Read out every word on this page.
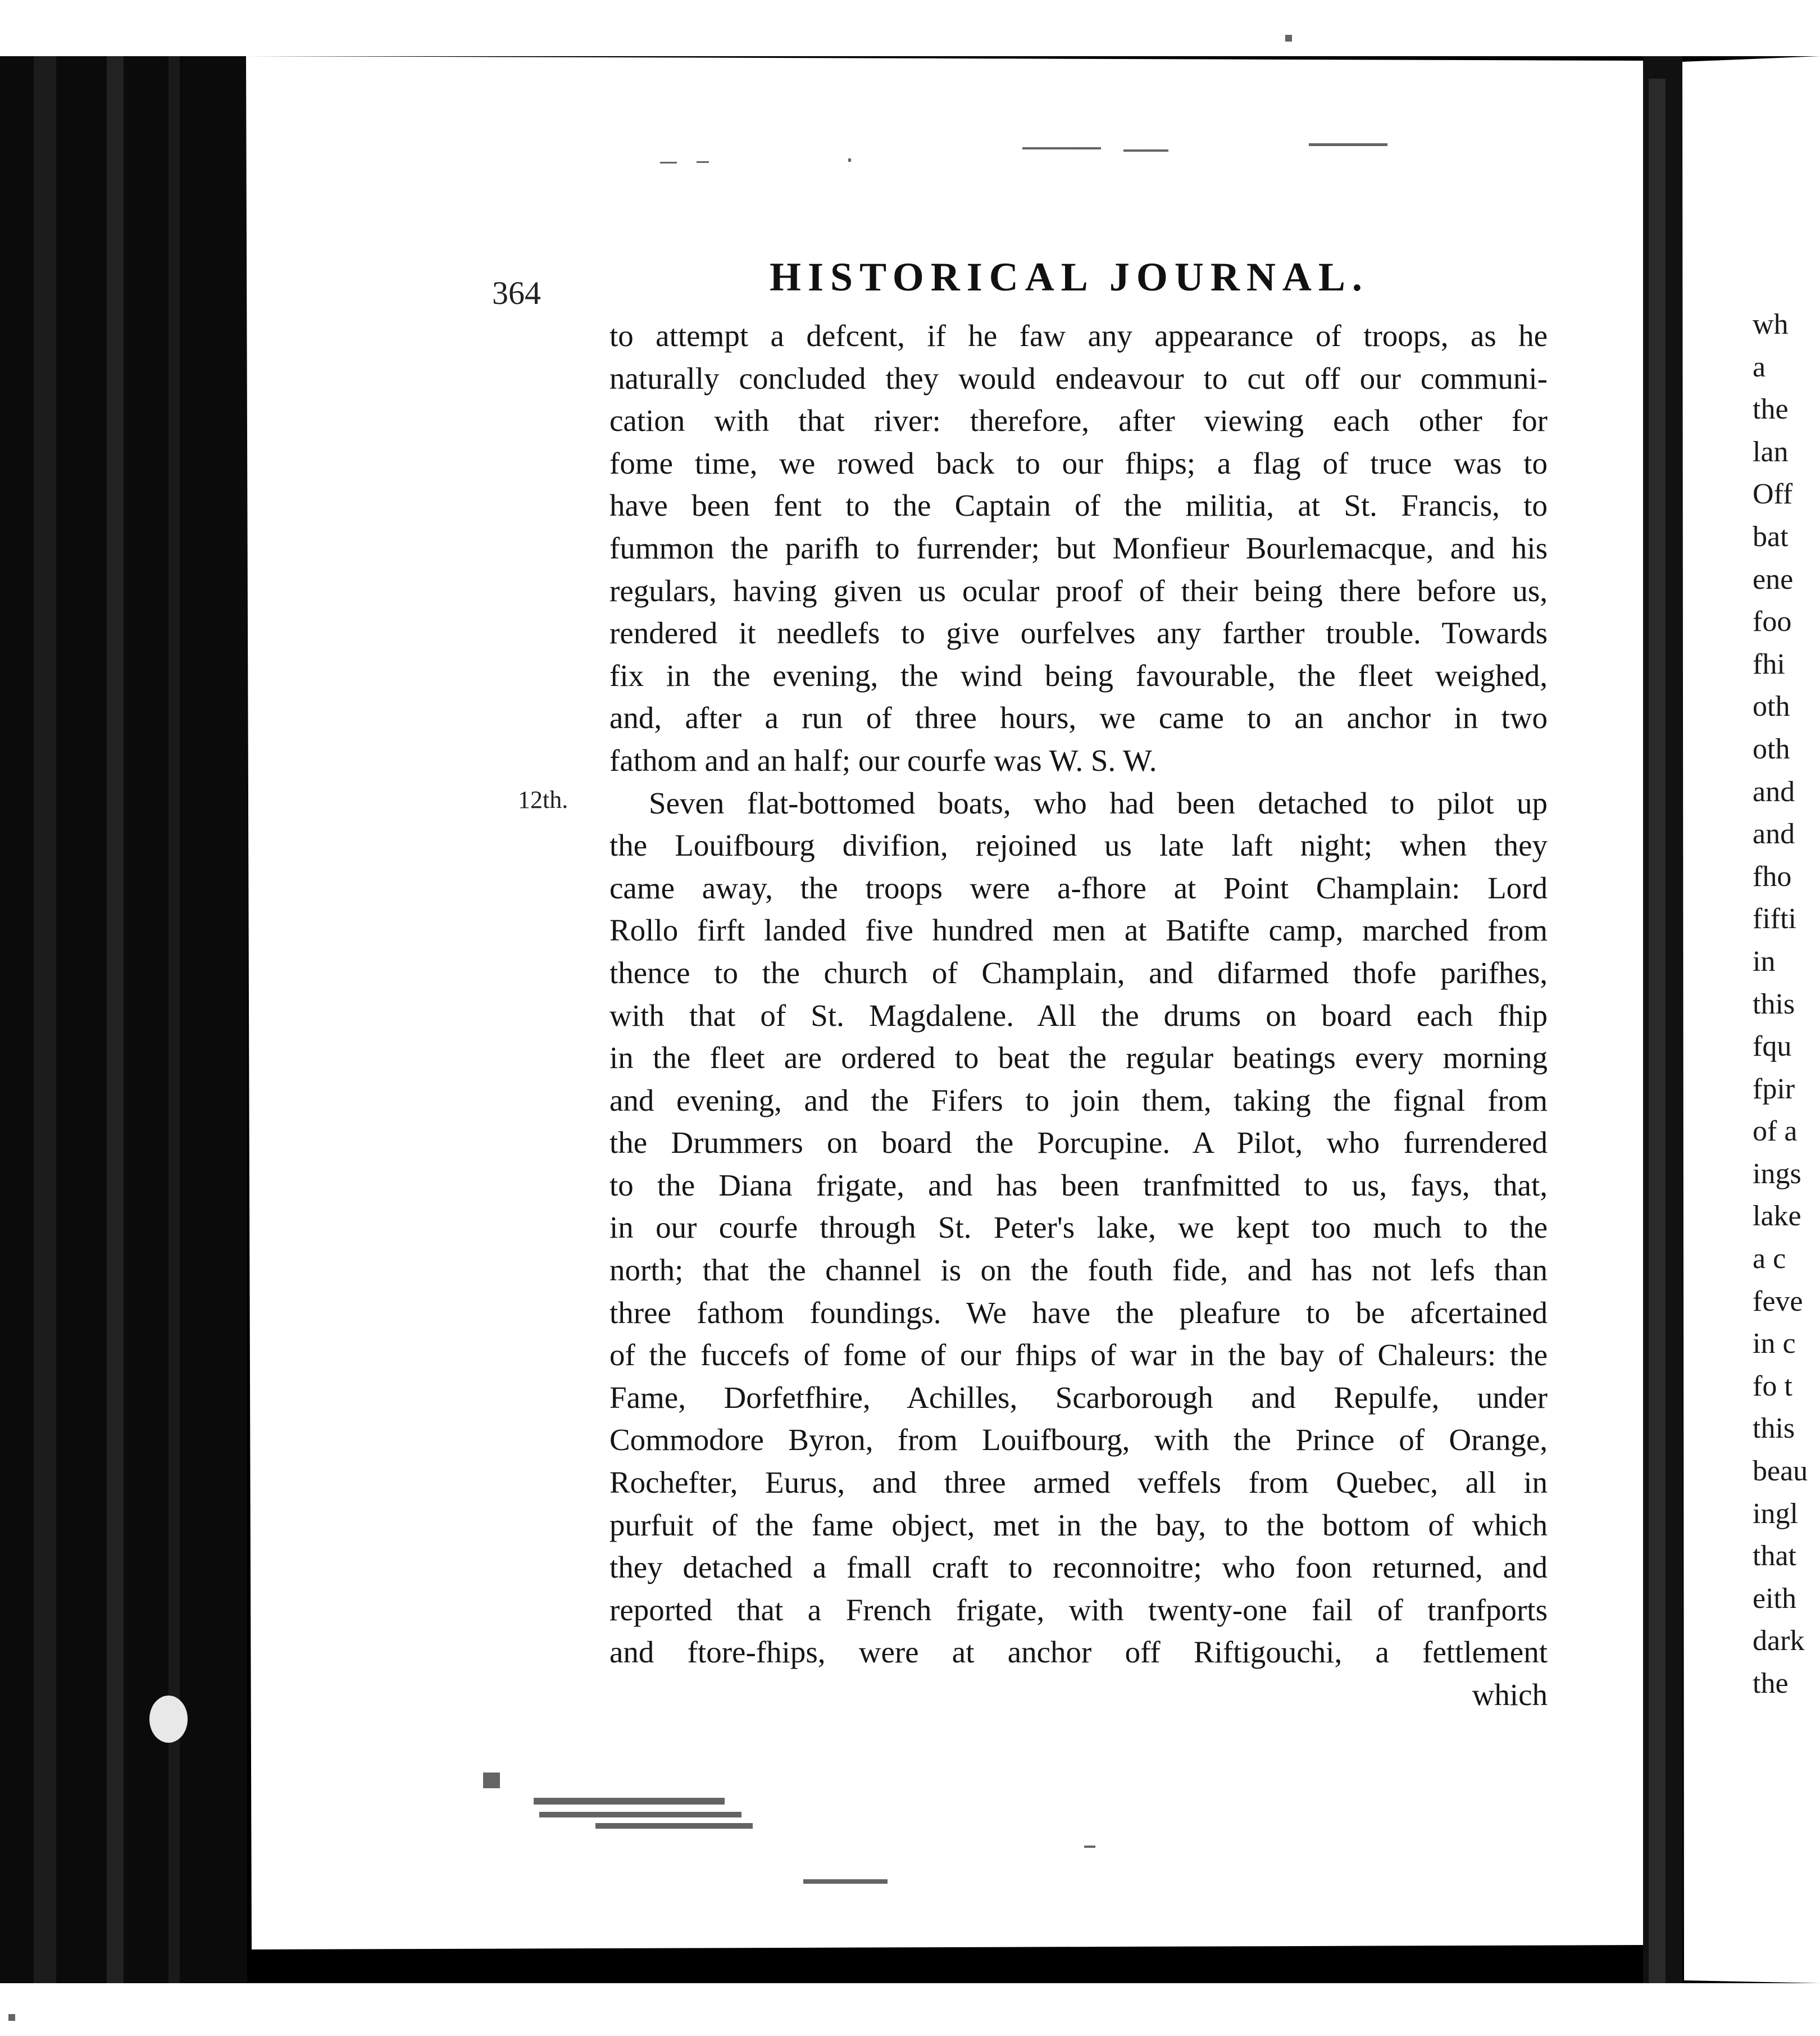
364	HISTORICAL JOURNAL.
to attempt a defcent, if he faw any appearance of troops, as he
naturally concluded they would endeavour to cut off our communi-
cation with that river: therefore, after viewing each other for
fome time, we rowed back to our fhips; a flag of truce was to
have been fent to the Captain of the militia, at St. Francis, to
fummon the parifh to furrender; but Monfieur Bourlemacque, and his
regulars, having given us ocular proof of their being there before us,
rendered it needlefs to give ourfelves any farther trouble. Towards
fix in the evening, the wind being favourable, the fleet weighed,
and, after a run of three hours, we came to an anchor in two
fathom and an half; our courfe was W. S. W.
Seven flat-bottomed boats, who had been detached to pilot up
the Louifbourg divifion, rejoined us late laft night; when they
came away, the troops were a-fhore at Point Champlain: Lord
Rollo firft landed five hundred men at Batifte camp, marched from
thence to the church of Champlain, and difarmed thofe parifhes,
with that of St. Magdalene. All the drums on board each fhip
in the fleet are ordered to beat the regular beatings every morning
and evening, and the Fifers to join them, taking the fignal from
the Drummers on board the Porcupine. A Pilot, who furrendered
to the Diana frigate, and has been tranfmitted to us, fays, that,
in our courfe through St. Peter's lake, we kept too much to the
north; that the channel is on the fouth fide, and has not lefs than
three fathom foundings. We have the pleafure to be afcertained
of the fuccefs of fome of our fhips of war in the bay of Chaleurs: the
Fame, Dorfetfhire, Achilles, Scarborough and Repulfe, under
Commodore Byron, from Louifbourg, with the Prince of Orange,
Rochefter, Eurus, and three armed veffels from Quebec, all in
purfuit of the fame object, met in the bay, to the bottom of which
they detached a fmall craft to reconnoitre; who foon returned, and
reported that a French frigate, with twenty-one fail of tranfports
and ftore-fhips, were at anchor off Riftigouchi, a fettlement
which
12th.
wh
a
the
lan
Off
bat
ene
foo
fhi
oth
oth
and
and
fho
fifti
in
this
fqu
fpir
of a
ings
lake
a c
feve
in c
fo t
this
beau
ingl
that
eith
dark
the
